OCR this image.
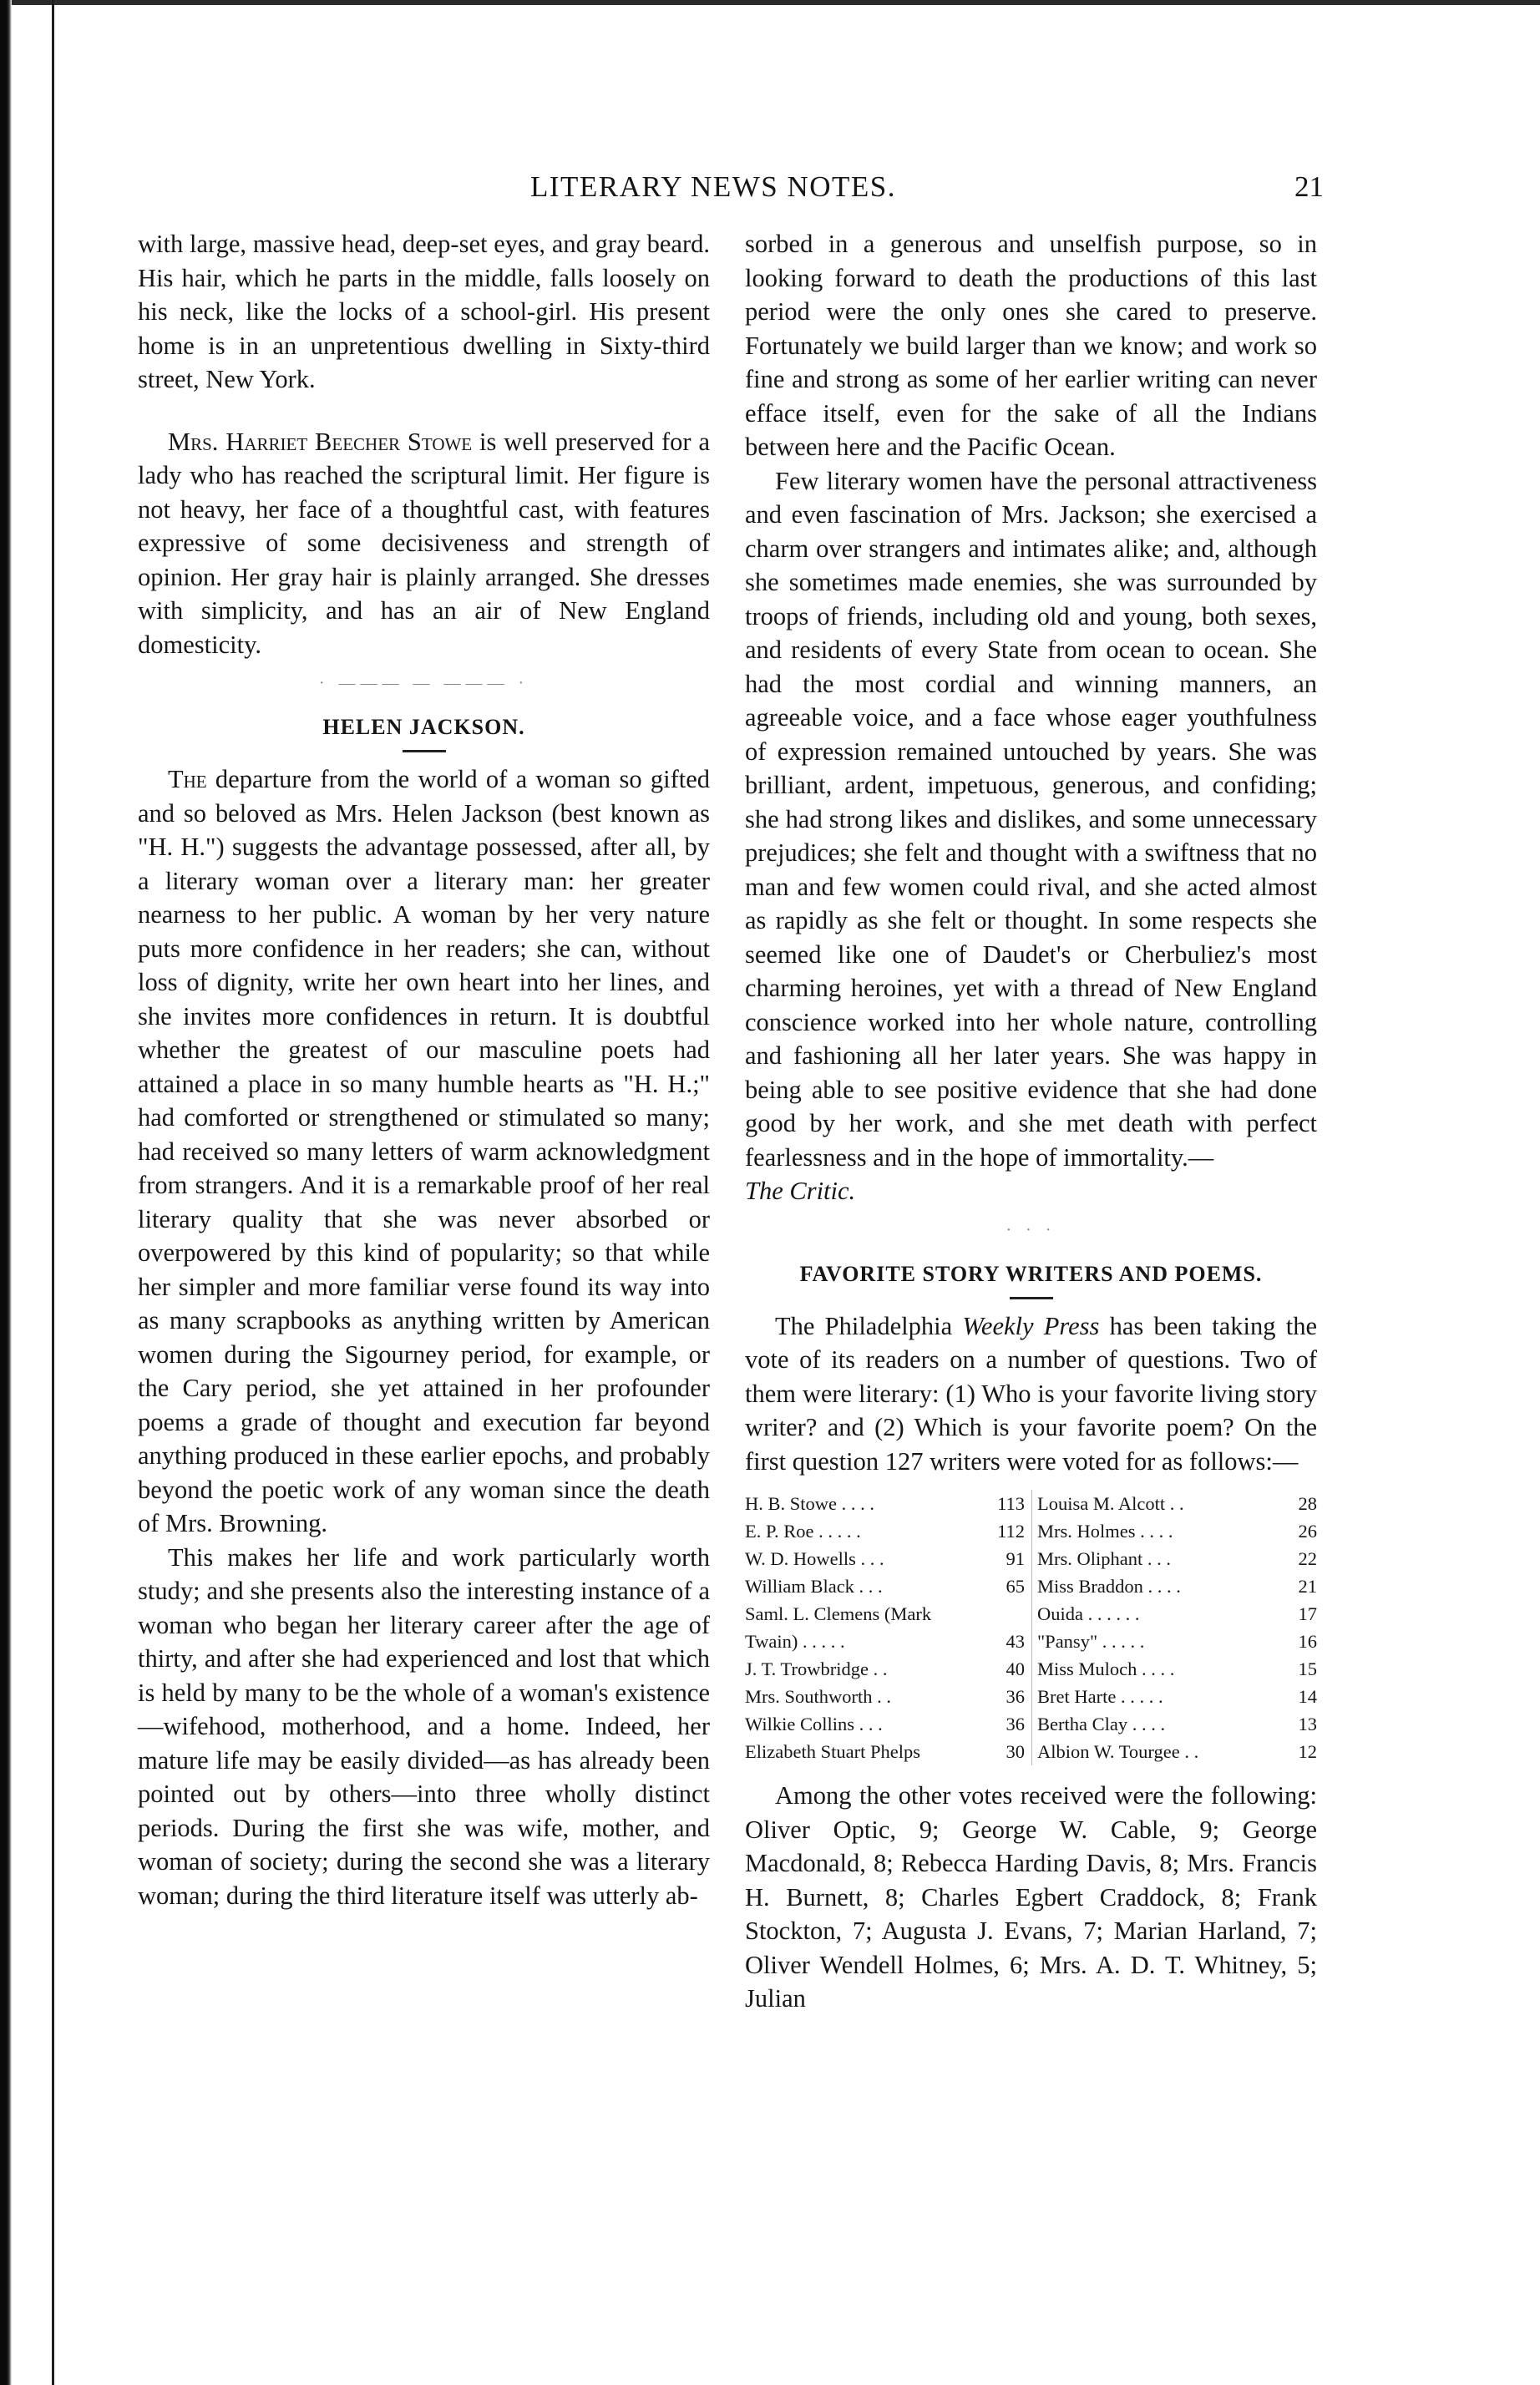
LITERARY NEWS NOTES.	21

with large, massive head, deep-set eyes, and gray beard. His hair, which he parts in the middle, falls loosely on his neck, like the locks of a school-girl. His present home is in an unpretentious dwelling in Sixty-third street, New York.

Mrs. Harriet Beecher Stowe is well preserved for a lady who has reached the scriptural limit. Her figure is not heavy, her face of a thoughtful cast, with features expressive of some decisiveness and strength of opinion. Her gray hair is plainly arranged. She dresses with simplicity, and has an air of New England domesticity.

· ——— — ——— ·
HELEN JACKSON.

The departure from the world of a woman so gifted and so beloved as Mrs. Helen Jackson (best known as "H. H.") suggests the advantage possessed, after all, by a literary woman over a literary man: her greater nearness to her public. A woman by her very nature puts more confidence in her readers; she can, without loss of dignity, write her own heart into her lines, and she invites more confidences in return. It is doubtful whether the greatest of our masculine poets had attained a place in so many humble hearts as "H. H.;" had comforted or strengthened or stimulated so many; had received so many letters of warm acknowledgment from strangers. And it is a remarkable proof of her real literary quality that she was never absorbed or overpowered by this kind of popularity; so that while her simpler and more familiar verse found its way into as many scrapbooks as anything written by American women during the Sigourney period, for example, or the Cary period, she yet attained in her profounder poems a grade of thought and execution far beyond anything produced in these earlier epochs, and probably beyond the poetic work of any woman since the death of Mrs. Browning.

This makes her life and work particularly worth study; and she presents also the interesting instance of a woman who began her literary career after the age of thirty, and after she had experienced and lost that which is held by many to be the whole of a woman's existence—wifehood, motherhood, and a home. Indeed, her mature life may be easily divided—as has already been pointed out by others—into three wholly distinct periods. During the first she was wife, mother, and woman of society; during the second she was a literary woman; during the third literature itself was utterly ab-

sorbed in a generous and unselfish purpose, so in looking forward to death the productions of this last period were the only ones she cared to preserve. Fortunately we build larger than we know; and work so fine and strong as some of her earlier writing can never efface itself, even for the sake of all the Indians between here and the Pacific Ocean.

Few literary women have the personal attractiveness and even fascination of Mrs. Jackson; she exercised a charm over strangers and intimates alike; and, although she sometimes made enemies, she was surrounded by troops of friends, including old and young, both sexes, and residents of every State from ocean to ocean. She had the most cordial and winning manners, an agreeable voice, and a face whose eager youthfulness of expression remained untouched by years. She was brilliant, ardent, impetuous, generous, and confiding; she had strong likes and dislikes, and some unnecessary prejudices; she felt and thought with a swiftness that no man and few women could rival, and she acted almost as rapidly as she felt or thought. In some respects she seemed like one of Daudet's or Cherbuliez's most charming heroines, yet with a thread of New England conscience worked into her whole nature, controlling and fashioning all her later years. She was happy in being able to see positive evidence that she had done good by her work, and she met death with perfect fearlessness and in the hope of immortality.—
The Critic.

· · ·
FAVORITE STORY WRITERS AND POEMS.

The Philadelphia Weekly Press has been taking the vote of its readers on a number of questions. Two of them were literary: (1) Who is your favorite living story writer? and (2) Which is your favorite poem? On the first question 127 writers were voted for as follows:—

H. B. Stowe . . . .	113
E. P. Roe . . . . .	112
W. D. Howells . . .	91
William Black . . .	65
Saml. L. Clemens (Mark
Twain) . . . . .	43
J. T. Trowbridge . .	40
Mrs. Southworth . .	36
Wilkie Collins . . .	36
Elizabeth Stuart Phelps	30
Louisa M. Alcott . .	28
Mrs. Holmes . . . .	26
Mrs. Oliphant . . .	22
Miss Braddon . . . .	21
Ouida . . . . . .	17
"Pansy" . . . . .	16
Miss Muloch . . . .	15
Bret Harte . . . . .	14
Bertha Clay . . . .	13
Albion W. Tourgee . .	12

Among the other votes received were the following: Oliver Optic, 9; George W. Cable, 9; George Macdonald, 8; Rebecca Harding Davis, 8; Mrs. Francis H. Burnett, 8; Charles Egbert Craddock, 8; Frank Stockton, 7; Augusta J. Evans, 7; Marian Harland, 7; Oliver Wendell Holmes, 6; Mrs. A. D. T. Whitney, 5; Julian
